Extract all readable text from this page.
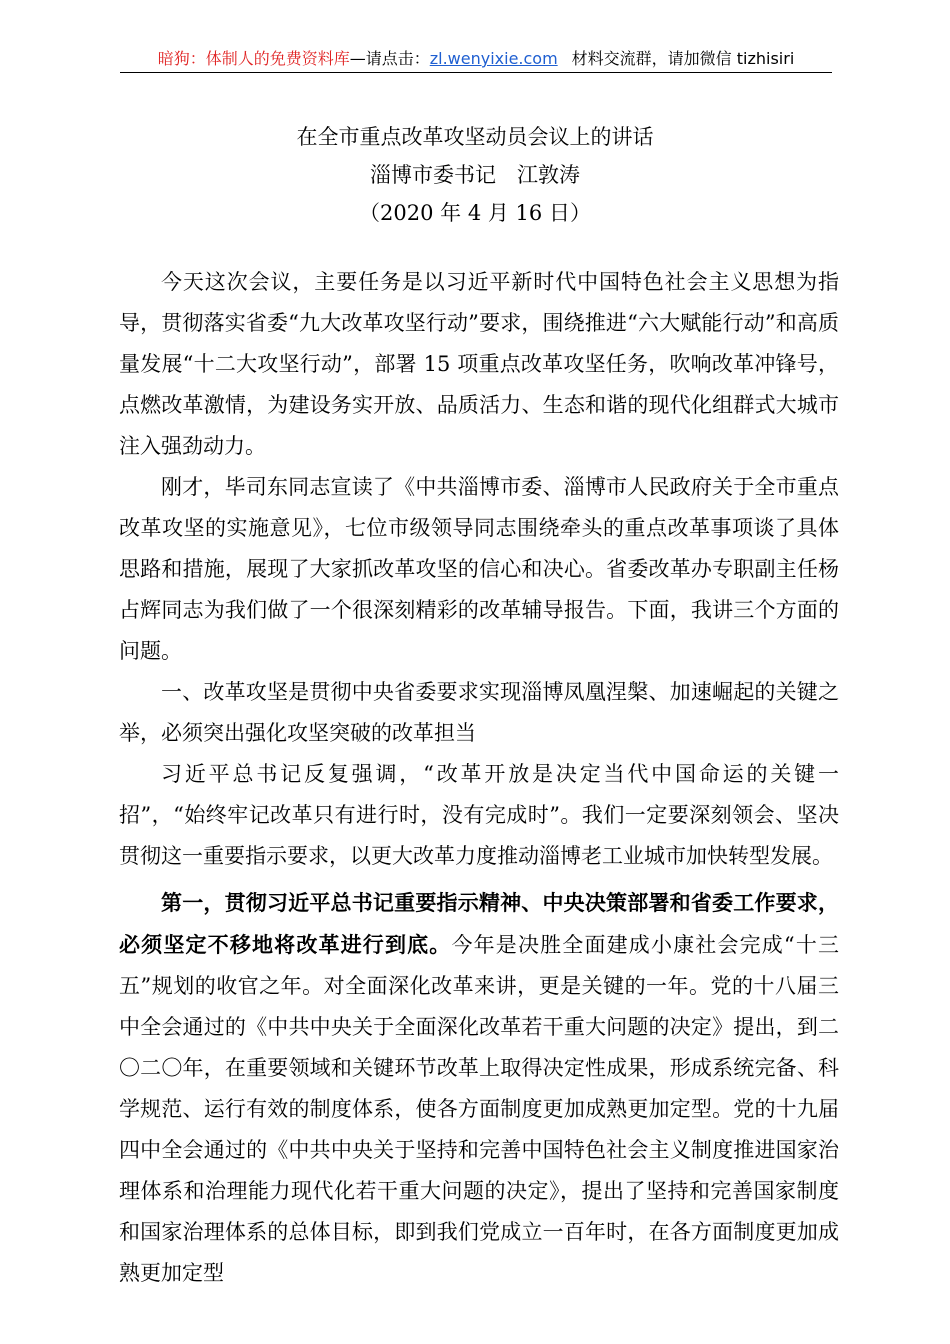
暗狗：体制人的免费资料库—请点击：zl.wenyixie.com 材料交流群，请加微信 tizhisiri
在全市重点改革攻坚动员会议上的讲话
淄博市委书记　江敦涛
（2020 年 4 月 16 日）

今天这次会议，主要任务是以习近平新时代中国特色社会主义思想为指导，贯彻落实省委“九大改革攻坚行动”要求，围绕推进“六大赋能行动”和高质量发展“十二大攻坚行动”，部署 15 项重点改革攻坚任务，吹响改革冲锋号，点燃改革激情，为建设务实开放、品质活力、生态和谐的现代化组群式大城市注入强劲动力。

刚才，毕司东同志宣读了《中共淄博市委、淄博市人民政府关于全市重点改革攻坚的实施意见》，七位市级领导同志围绕牵头的重点改革事项谈了具体思路和措施，展现了大家抓改革攻坚的信心和决心。省委改革办专职副主任杨占辉同志为我们做了一个很深刻精彩的改革辅导报告。下面，我讲三个方面的问题。

一、改革攻坚是贯彻中央省委要求实现淄博凤凰涅槃、加速崛起的关键之举，必须突出强化攻坚突破的改革担当

习近平总书记反复强调，“改革开放是决定当代中国命运的关键一招”，“始终牢记改革只有进行时，没有完成时”。我们一定要深刻领会、坚决贯彻这一重要指示要求，以更大改革力度推动淄博老工业城市加快转型发展。

第一，贯彻习近平总书记重要指示精神、中央决策部署和省委工作要求，必须坚定不移地将改革进行到底。今年是决胜全面建成小康社会完成“十三五”规划的收官之年。对全面深化改革来讲，更是关键的一年。党的十八届三中全会通过的《中共中央关于全面深化改革若干重大问题的决定》提出，到二〇二〇年，在重要领域和关键环节改革上取得决定性成果，形成系统完备、科学规范、运行有效的制度体系，使各方面制度更加成熟更加定型。党的十九届四中全会通过的《中共中央关于坚持和完善中国特色社会主义制度推进国家治理体系和治理能力现代化若干重大问题的决定》，提出了坚持和完善国家制度和国家治理体系的总体目标，即到我们党成立一百年时，在各方面制度更加成熟更加定型
